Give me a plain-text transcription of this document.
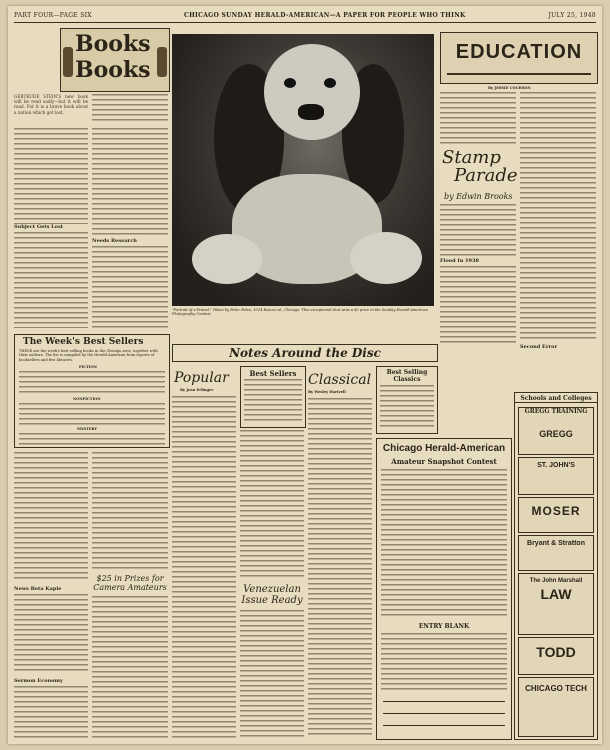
PART FOUR—PAGE SIX	CHICAGO SUNDAY HERALD-AMERICAN—A PAPER FOR PEOPLE WHO THINK	JULY 25, 1948
Books
Books
GERTRUDE STEIN'S new book will be read sadly—but it will be read. For it is a brave book about a nation which got lost.
Subject Gets Lost
Needs Research
"Portrait of a Friend." Taken by Peter Feleo, 1014 Roscoe st., Chicago. This exceptional shot wins a $5 prize in the Sunday Herald-American Photography Contest.
EDUCATION
By JESSIE COURSON
Stamp
Parade
by Edwin Brooks
Flood In 1938
Second Error
The Week's Best Sellers
THESE are the week's best selling books in the Chicago area, together with their authors. The list is compiled by the Herald-American from reports of booksellers and five libraries.
FICTION
NONFICTION
MYSTERY
News Beta Kaple
Sermon Economy
$25 in Prizes for Camera Amateurs
Notes Around the Disc
Popular
By Jean Erlinger
Best Sellers
Venezuelan Issue Ready
Classical
By Wesley Hartzell
Best Selling Classics
Chicago Herald-American
Amateur Snapshot Contest
ENTRY BLANK
Schools and Colleges
GREGG TRAINING
GREGG
ST. JOHN'S
MOSER
Bryant & Stratton
The John Marshall
LAW
TODD
CHICAGO TECH
